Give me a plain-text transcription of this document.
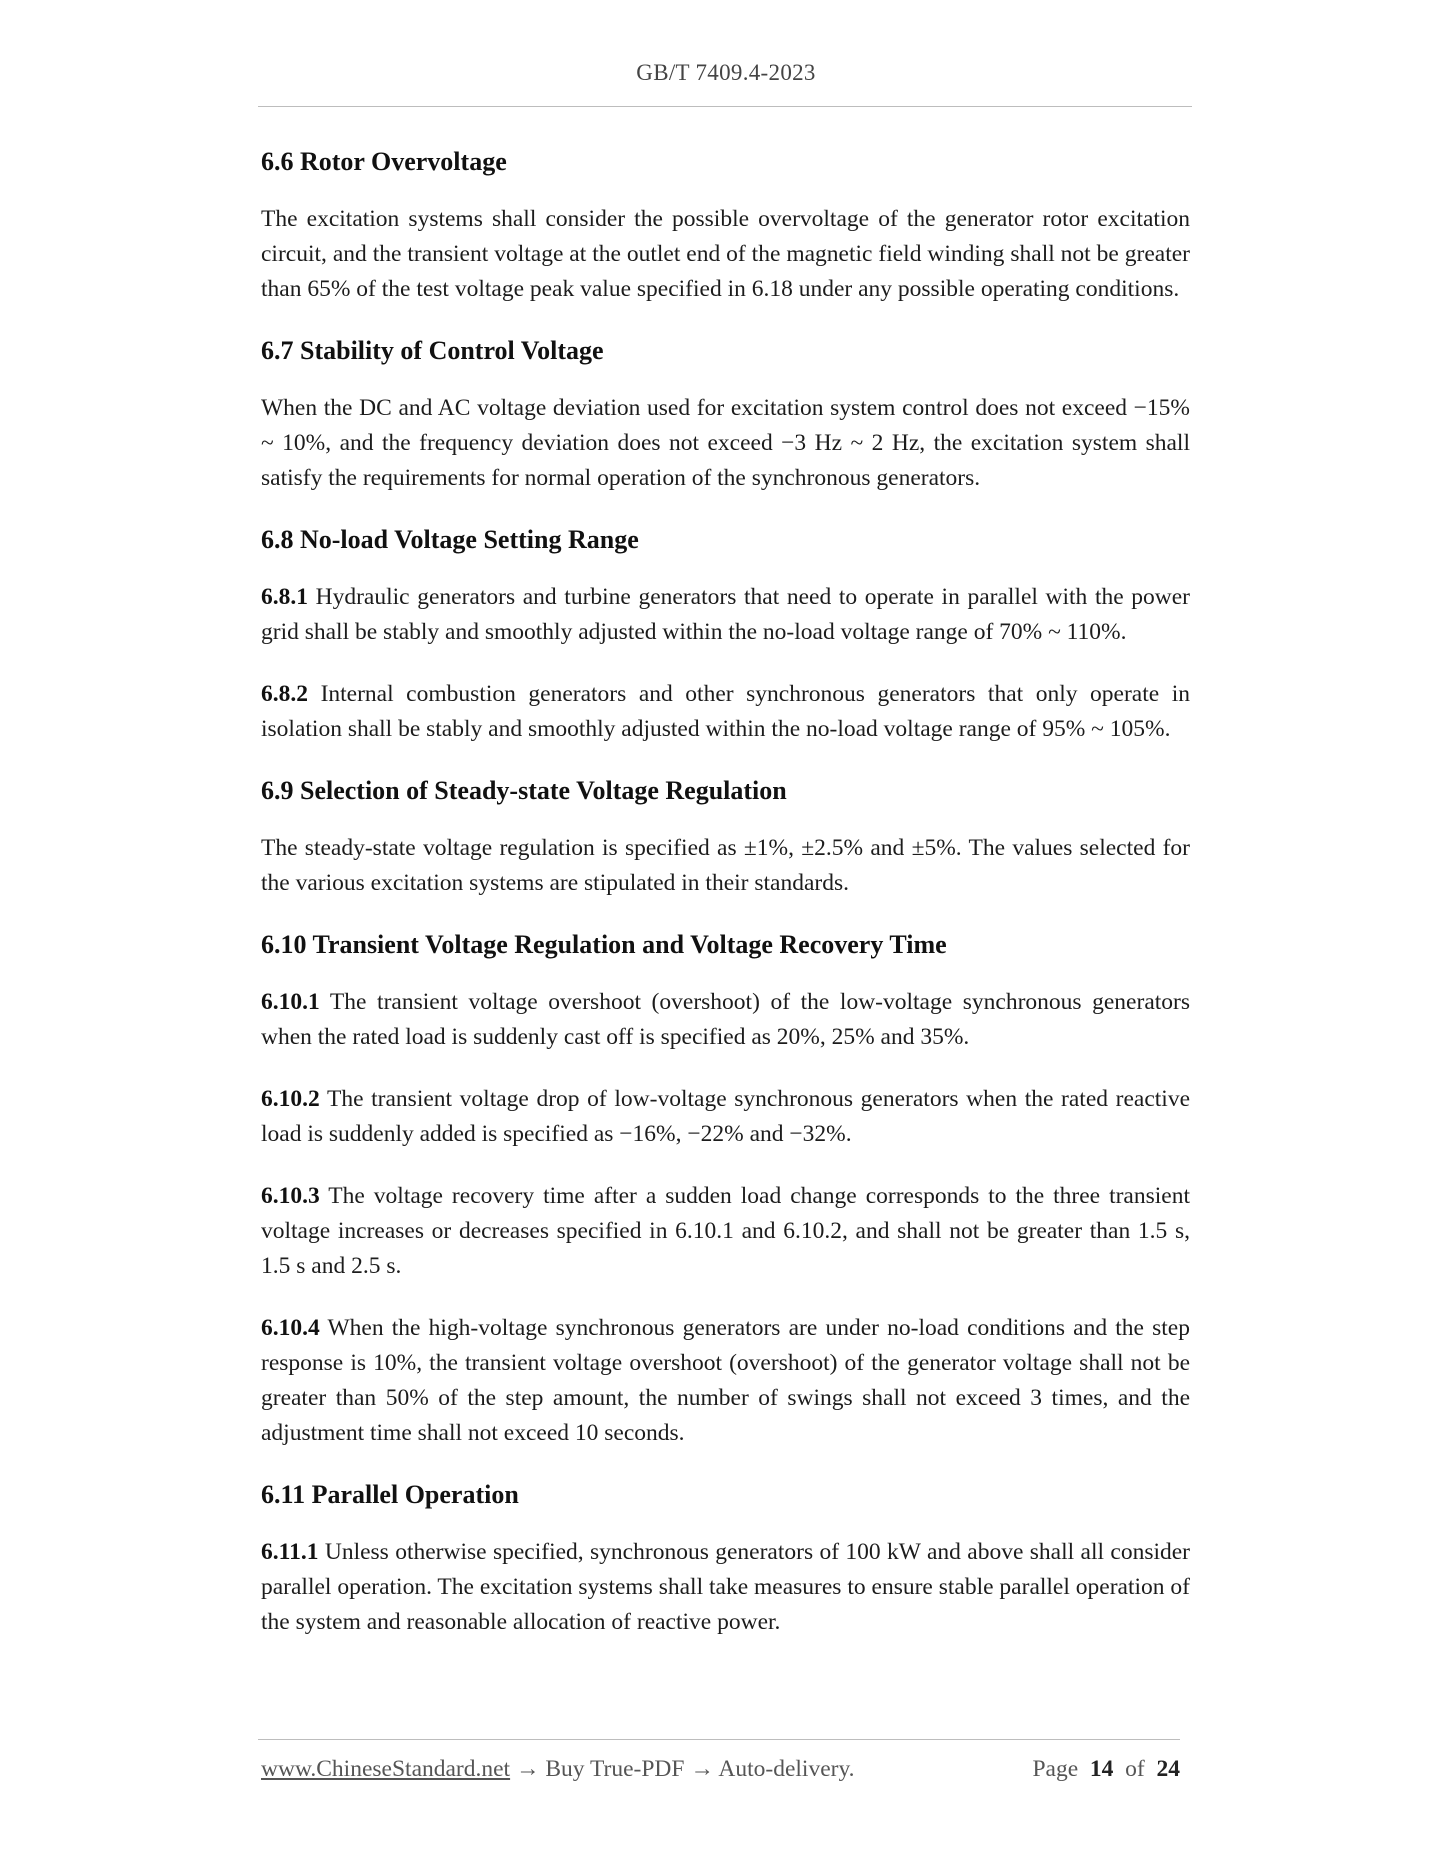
GB/T 7409.4-2023
6.6 Rotor Overvoltage

The excitation systems shall consider the possible overvoltage of the generator rotor excitation circuit, and the transient voltage at the outlet end of the magnetic field winding shall not be greater than 65% of the test voltage peak value specified in 6.18 under any possible operating conditions.

6.7 Stability of Control Voltage

When the DC and AC voltage deviation used for excitation system control does not exceed −15% ~ 10%, and the frequency deviation does not exceed −3 Hz ~ 2 Hz, the excitation system shall satisfy the requirements for normal operation of the synchronous generators.

6.8 No-load Voltage Setting Range

6.8.1 Hydraulic generators and turbine generators that need to operate in parallel with the power grid shall be stably and smoothly adjusted within the no-load voltage range of 70% ~ 110%.

6.8.2 Internal combustion generators and other synchronous generators that only operate in isolation shall be stably and smoothly adjusted within the no-load voltage range of 95% ~ 105%.

6.9 Selection of Steady-state Voltage Regulation

The steady-state voltage regulation is specified as ±1%, ±2.5% and ±5%. The values selected for the various excitation systems are stipulated in their standards.

6.10 Transient Voltage Regulation and Voltage Recovery Time

6.10.1 The transient voltage overshoot (overshoot) of the low-voltage synchronous generators when the rated load is suddenly cast off is specified as 20%, 25% and 35%.

6.10.2 The transient voltage drop of low-voltage synchronous generators when the rated reactive load is suddenly added is specified as −16%, −22% and −32%.

6.10.3 The voltage recovery time after a sudden load change corresponds to the three transient voltage increases or decreases specified in 6.10.1 and 6.10.2, and shall not be greater than 1.5 s, 1.5 s and 2.5 s.

6.10.4 When the high-voltage synchronous generators are under no-load conditions and the step response is 10%, the transient voltage overshoot (overshoot) of the generator voltage shall not be greater than 50% of the step amount, the number of swings shall not exceed 3 times, and the adjustment time shall not exceed 10 seconds.

6.11 Parallel Operation

6.11.1 Unless otherwise specified, synchronous generators of 100 kW and above shall all consider parallel operation. The excitation systems shall take measures to ensure stable parallel operation of the system and reasonable allocation of reactive power.

www.ChineseStandard.net → Buy True-PDF → Auto-delivery.	Page 14 of 24
